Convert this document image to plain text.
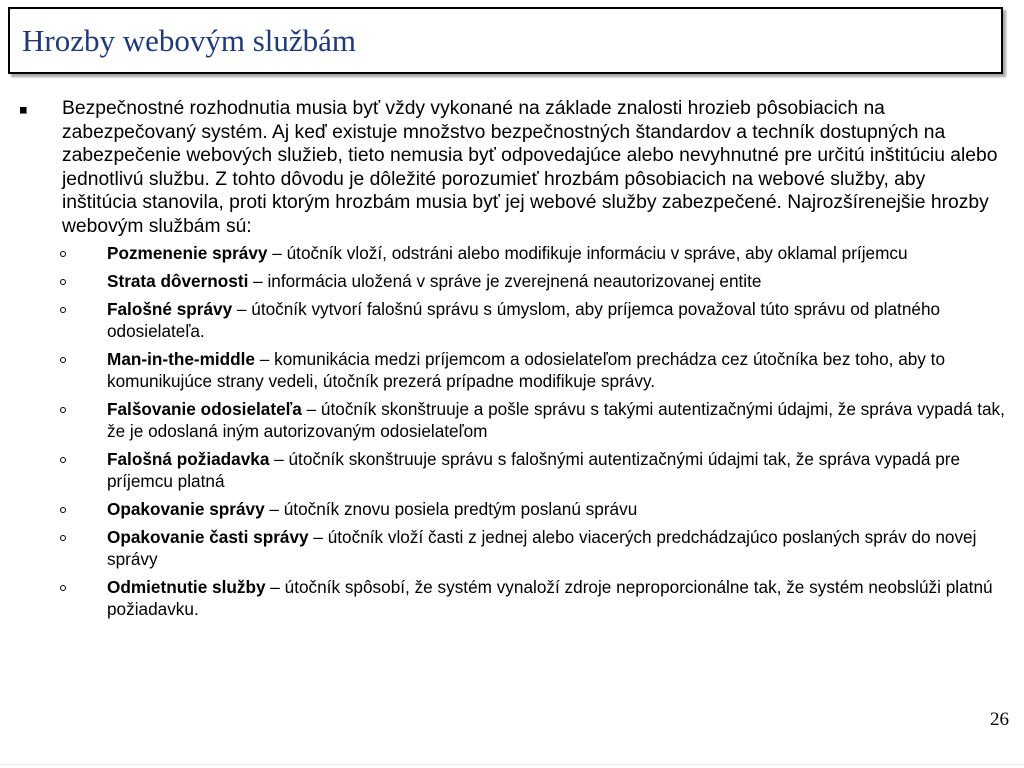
Hrozby webovým službám
Bezpečnostné rozhodnutia musia byť vždy vykonané na základe znalosti hrozieb pôsobiacich na zabezpečovaný systém. Aj keď existuje množstvo bezpečnostných štandardov a techník dostupných na zabezpečenie webových služieb, tieto nemusia byť odpovedajúce alebo nevyhnutné pre určitú inštitúciu alebo jednotlivú službu. Z tohto dôvodu je dôležité porozumieť hrozbám pôsobiacich na webové služby, aby inštitúcia stanovila, proti ktorým hrozbám musia byť jej webové služby zabezpečené. Najrozšírenejšie hrozby webovým službám sú:
Pozmenenie správy – útočník vloží, odstráni alebo modifikuje informáciu v správe, aby oklamal príjemcu
Strata dôvernosti – informácia uložená v správe je zverejnená neautorizovanej entite
Falošné správy – útočník vytvorí falošnú správu s úmyslom, aby príjemca považoval túto správu od platného odosielateľa.
Man-in-the-middle – komunikácia medzi príjemcom a odosielateľom prechádza cez útočníka bez toho, aby to komunikujúce strany vedeli, útočník prezerá prípadne modifikuje správy.
Falšovanie odosielateľa – útočník skonštruuje a pošle správu s takými autentizačnými údajmi, že správa vypadá tak, že je odoslaná iným autorizovaným odosielateľom
Falošná požiadavka – útočník skonštruuje správu s falošnými autentizačnými údajmi tak, že správa vypadá pre príjemcu platná
Opakovanie správy – útočník znovu posiela predtým poslanú správu
Opakovanie časti správy – útočník vloží časti z jednej alebo viacerých predchádzajúco poslaných správ do novej správy
Odmietnutie služby – útočník spôsobí, že systém vynaloží zdroje neproporcionálne tak, že systém neobslúži platnú požiadavku.
26
